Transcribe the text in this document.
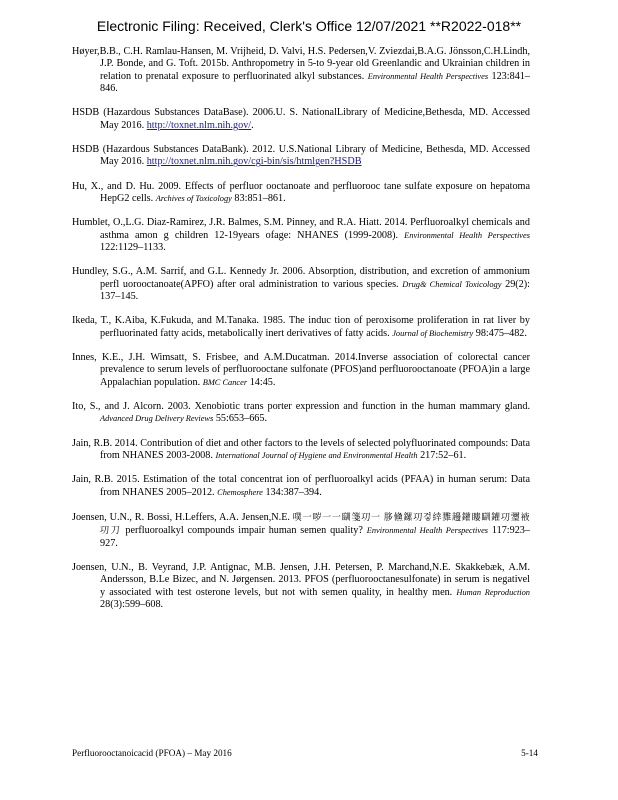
Electronic Filing: Received, Clerk's Office 12/07/2021 **R2022-018**

Høyer,B.B., C.H. Ramlau-Hansen, M. Vrijheid, D. Valvi, H.S. Pedersen,V. Zviezdai,B.A.G. Jönsson,C.H.Lindh, J.P. Bonde, and G. Toft. 2015b. Anthropometry in 5-to 9-year old Greenlandic and Ukrainian children in relation to prenatal exposure to perfluorinated alkyl substances. Environmental Health Perspectives 123:841–846.

HSDB (Hazardous Substances DataBase). 2006.U. S. NationalLibrary of Medicine,Bethesda, MD. Accessed May 2016. http://toxnet.nlm.nih.gov/.

HSDB (Hazardous Substances DataBank). 2012. U.S.National Library of Medicine, Bethesda, MD. Accessed May 2016. http://toxnet.nlm.nih.gov/cgi-bin/sis/htmlgen?HSDB

Hu, X., and D. Hu. 2009. Effects of perfluor ooctanoate and perfluorooc tane sulfate exposure on hepatoma HepG2 cells. Archives of Toxicology 83:851–861.

Humblet, O.,L.G. Diaz-Ramirez, J.R. Balmes, S.M. Pinney, and R.A. Hiatt. 2014. Perfluoroalkyl chemicals and asthma amon g children 12-19years ofage: NHANES (1999-2008). Environmental Health Perspectives 122:1129–1133.

Hundley, S.G., A.M. Sarrif, and G.L. Kennedy Jr. 2006. Absorption, distribution, and excretion of ammonium perfl uorooctanoate(APFO) after oral administration to various species. Drug& Chemical Toxicology 29(2): 137–145.

Ikeda, T., K.Aiba, K.Fukuda, and M.Tanaka. 1985. The induc tion of peroxisome proliferation in rat liver by perfluorinated fatty acids, metabolically inert derivatives of fatty acids. Journal of Biochemistry 98:475–482.

Innes, K.E., J.H. Wimsatt, S. Frisbee, and A.M.Ducatman. 2014.Inverse association of colorectal cancer prevalence to serum levels of perfluorooctane sulfonate (PFOS)and perfluorooctanoate (PFOA)in a large Appalachian population. BMC Cancer 14:45.

Ito, S., and J. Alcorn. 2003. Xenobiotic trans porter expression and function in the human mammary gland. Advanced Drug Delivery Reviews 55:653–665.

Jain, R.B. 2014. Contribution of diet and other factors to the levels of selected polyfluorinated compounds: Data from NHANES 2003-2008. International Journal of Hygiene and Environmental Health 217:52–61.

Jain, R.B. 2015. Estimation of the total concentrat ion of perfluoroalkyl acids (PFAA) in human serum: Data from NHANES 2005–2012. Chemosphere 134:387–394.

Joensen, U.N., R. Bossi, H.Leffers, A.A. Jensen,N.E. 噗一哕一一瞓箋㓛一 䏧儵鏍㓛겋緈雡䟍鑵瞜瞓鑵㓛瓕䘸㓛刀 perfluoroalkyl compounds impair human semen quality? Environmental Health Perspectives 117:923–927.

Joensen, U.N., B. Veyrand, J.P. Antignac, M.B. Jensen, J.H. Petersen, P. Marchand,N.E. Skakkebæk, A.M. Andersson, B.Le Bizec, and N. Jørgensen. 2013. PFOS (perfluorooctanesulfonate) in serum is negativel y associated with test osterone levels, but not with semen quality, in healthy men. Human Reproduction 28(3):599–608.

Perfluorooctanoicacid (PFOA) – May 2016	5-14
